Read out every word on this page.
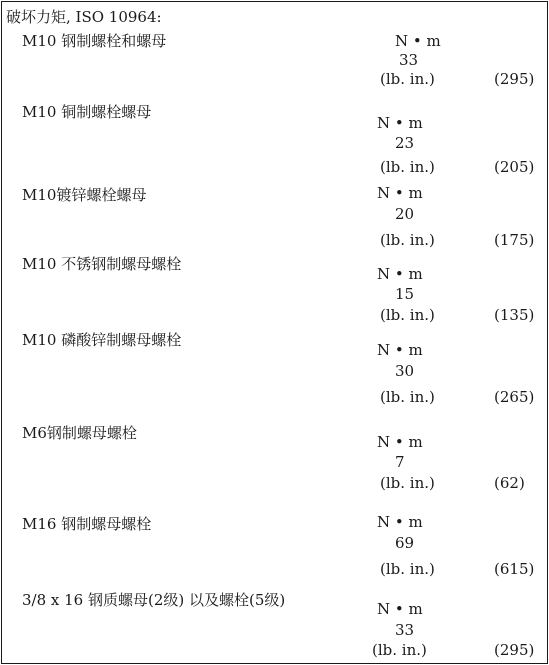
破坏力矩, ISO 10964:
M10 钢制螺栓和螺母	N • m
33
(lb. in.)	(295)
M10 铜制螺栓螺母
N • m
23
(lb. in.)	(205)
M10镀锌螺栓螺母	N • m
20
(lb. in.)	(175)
M10 不锈钢制螺母螺栓
N • m
15
(lb. in.)	(135)
M10 磷酸锌制螺母螺栓
N • m
30
(lb. in.)	(265)
M6钢制螺母螺栓	N • m
7
(lb. in.)	(62)
M16 钢制螺母螺栓	N • m
69
(lb. in.)	(615)
3/8 x 16 钢质螺母(2级) 以及螺栓(5级)	N • m
33
(lb. in.)	(295)
